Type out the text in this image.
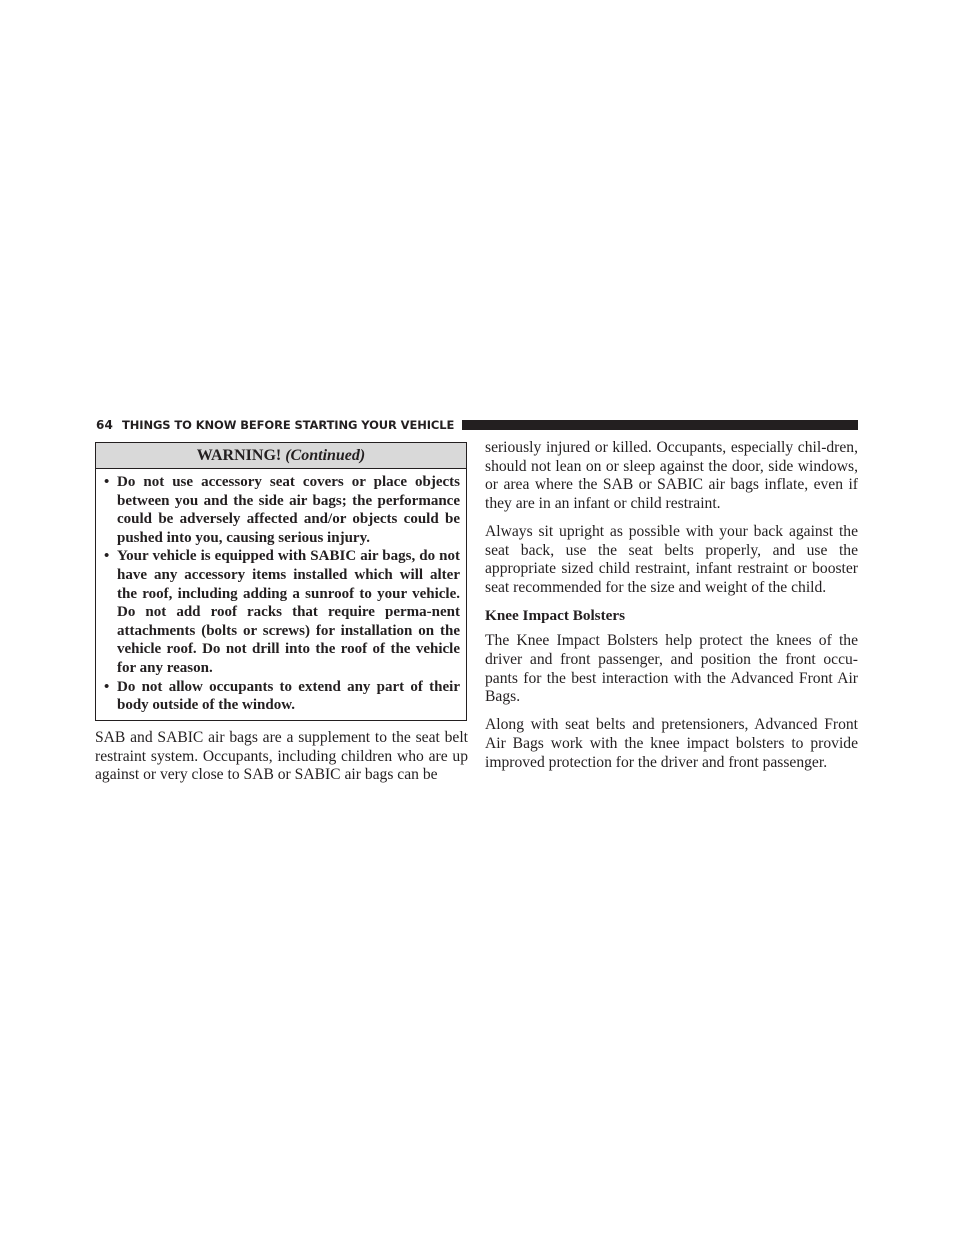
64 THINGS TO KNOW BEFORE STARTING YOUR VEHICLE
WARNING! (Continued)
• Do not use accessory seat covers or place objects between you and the side air bags; the performance could be adversely affected and/or objects could be pushed into you, causing serious injury.
• Your vehicle is equipped with SABIC air bags, do not have any accessory items installed which will alter the roof, including adding a sunroof to your vehicle. Do not add roof racks that require perma-nent attachments (bolts or screws) for installation on the vehicle roof. Do not drill into the roof of the vehicle for any reason.
• Do not allow occupants to extend any part of their body outside of the window.

SAB and SABIC air bags are a supplement to the seat belt restraint system. Occupants, including children who are up against or very close to SAB or SABIC air bags can be

seriously injured or killed. Occupants, especially chil-dren, should not lean on or sleep against the door, side windows, or area where the SAB or SABIC air bags inflate, even if they are in an infant or child restraint.

Always sit upright as possible with your back against the seat back, use the seat belts properly, and use the appropriate sized child restraint, infant restraint or booster seat recommended for the size and weight of the child.

Knee Impact Bolsters

The Knee Impact Bolsters help protect the knees of the driver and front passenger, and position the front occu-pants for the best interaction with the Advanced Front Air Bags.

Along with seat belts and pretensioners, Advanced Front Air Bags work with the knee impact bolsters to provide improved protection for the driver and front passenger.
